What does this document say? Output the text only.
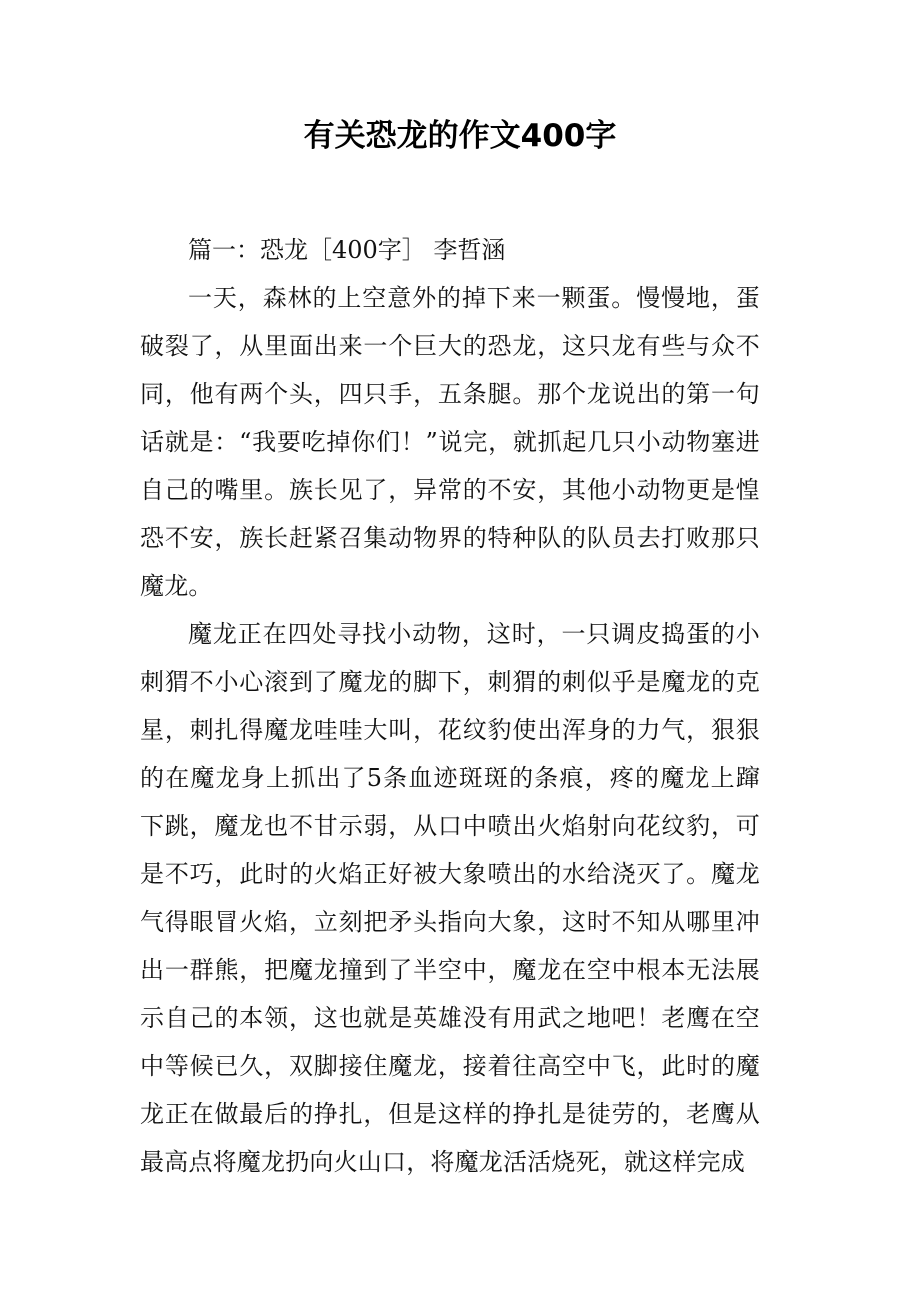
有关恐龙的作文400字

篇一：恐龙［400字］ 李哲涵

一天，森林的上空意外的掉下来一颗蛋。慢慢地，蛋破裂了，从里面出来一个巨大的恐龙，这只龙有些与众不同，他有两个头，四只手，五条腿。那个龙说出的第一句话就是：“我要吃掉你们！”说完，就抓起几只小动物塞进自己的嘴里。族长见了，异常的不安，其他小动物更是惶恐不安，族长赶紧召集动物界的特种队的队员去打败那只魔龙。

魔龙正在四处寻找小动物，这时，一只调皮捣蛋的小刺猬不小心滚到了魔龙的脚下，刺猬的刺似乎是魔龙的克星，刺扎得魔龙哇哇大叫，花纹豹使出浑身的力气，狠狠的在魔龙身上抓出了5条血迹斑斑的条痕，疼的魔龙上蹿下跳，魔龙也不甘示弱，从口中喷出火焰射向花纹豹，可是不巧，此时的火焰正好被大象喷出的水给浇灭了。魔龙气得眼冒火焰，立刻把矛头指向大象，这时不知从哪里冲出一群熊，把魔龙撞到了半空中，魔龙在空中根本无法展示自己的本领，这也就是英雄没有用武之地吧！老鹰在空中等候已久，双脚接住魔龙，接着往高空中飞，此时的魔龙正在做最后的挣扎，但是这样的挣扎是徒劳的，老鹰从最高点将魔龙扔向火山口，将魔龙活活烧死，就这样完成
